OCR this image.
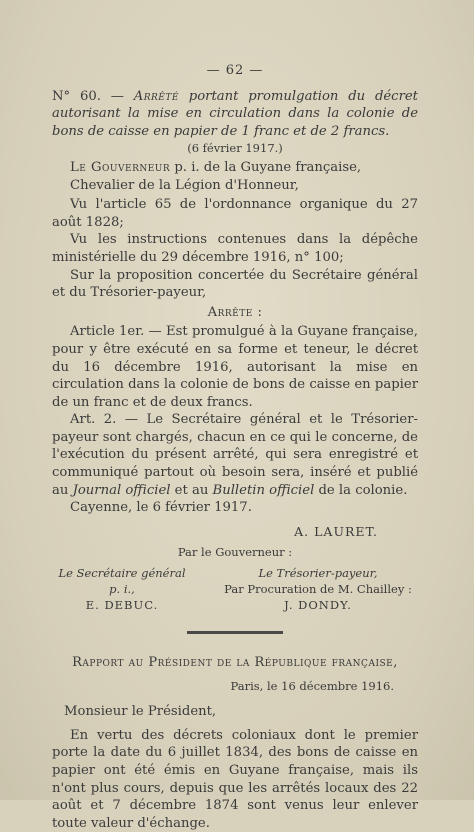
— 62 —

N° 60. — Arrêté portant promulgation du décret autorisant la mise en circulation dans la colonie de bons de caisse en papier de 1 franc et de 2 francs.

(6 février 1917.)

Le Gouverneur p. i. de la Guyane française,

Chevalier de la Légion d'Honneur,

Vu l'article 65 de l'ordonnance organique du 27 août 1828;

Vu les instructions contenues dans la dépêche ministérielle du 29 décembre 1916, n° 100;

Sur la proposition concertée du Secrétaire général et du Trésorier-payeur,

Arrête :

Article 1er. — Est promulgué à la Guyane française, pour y être exécuté en sa forme et teneur, le décret du 16 décembre 1916, autorisant la mise en circulation dans la colonie de bons de caisse en papier de un franc et de deux francs.

Art. 2. — Le Secrétaire général et le Trésorier-payeur sont chargés, chacun en ce qui le concerne, de l'exécution du présent arrêté, qui sera enregistré et communiqué partout où besoin sera, inséré et publié au Journal officiel et au Bulletin officiel de la colonie.

Cayenne, le 6 février 1917.

A. LAURET.
Par le Gouverneur :
Le Secrétaire général p. i.,
E. DEBUC.
Le Trésorier-payeur,
Par Procuration de M. Chailley :
J. DONDY.
Rapport au Président de la République française,
Paris, le 16 décembre 1916.
Monsieur le Président,

En vertu des décrets coloniaux dont le premier porte la date du 6 juillet 1834, des bons de caisse en papier ont été émis en Guyane française, mais ils n'ont plus cours, depuis que les arrêtés locaux des 22 août et 7 décembre 1874 sont venus leur enlever toute valeur d'échange.
